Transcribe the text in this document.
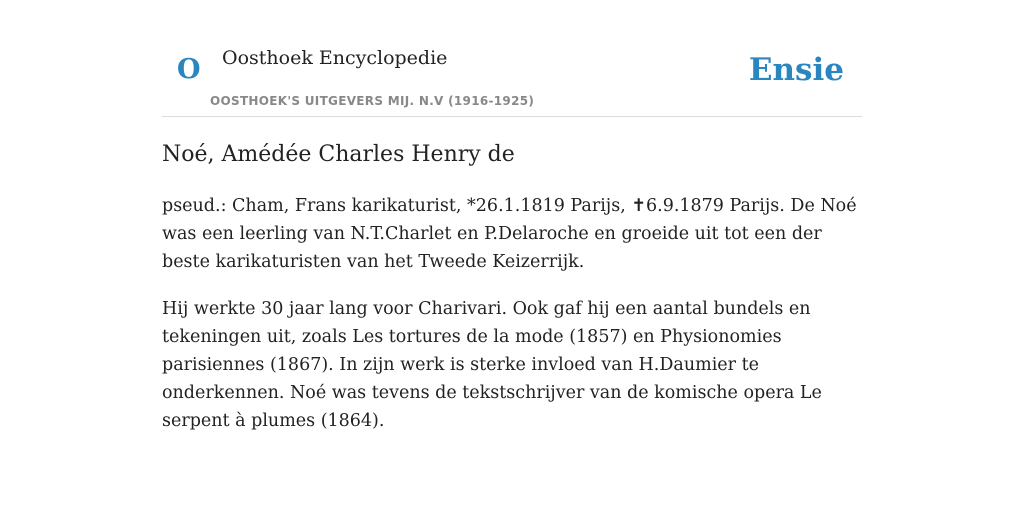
O Oosthoek Encyclopedie
OOSTHOEK'S UITGEVERS MIJ. N.V (1916-1925)
Ensie
Noé, Amédée Charles Henry de

pseud.: Cham, Frans karikaturist, *26.1.1819 Parijs, ✝6.9.1879 Parijs. De Noé was een leerling van N.T.Charlet en P.Delaroche en groeide uit tot een der beste karikaturisten van het Tweede Keizerrijk.

Hij werkte 30 jaar lang voor Charivari. Ook gaf hij een aantal bundels en tekeningen uit, zoals Les tortures de la mode (1857) en Physionomies parisiennes (1867). In zijn werk is sterke invloed van H.Daumier te onderkennen. Noé was tevens de tekstschrijver van de komische opera Le serpent à plumes (1864).
